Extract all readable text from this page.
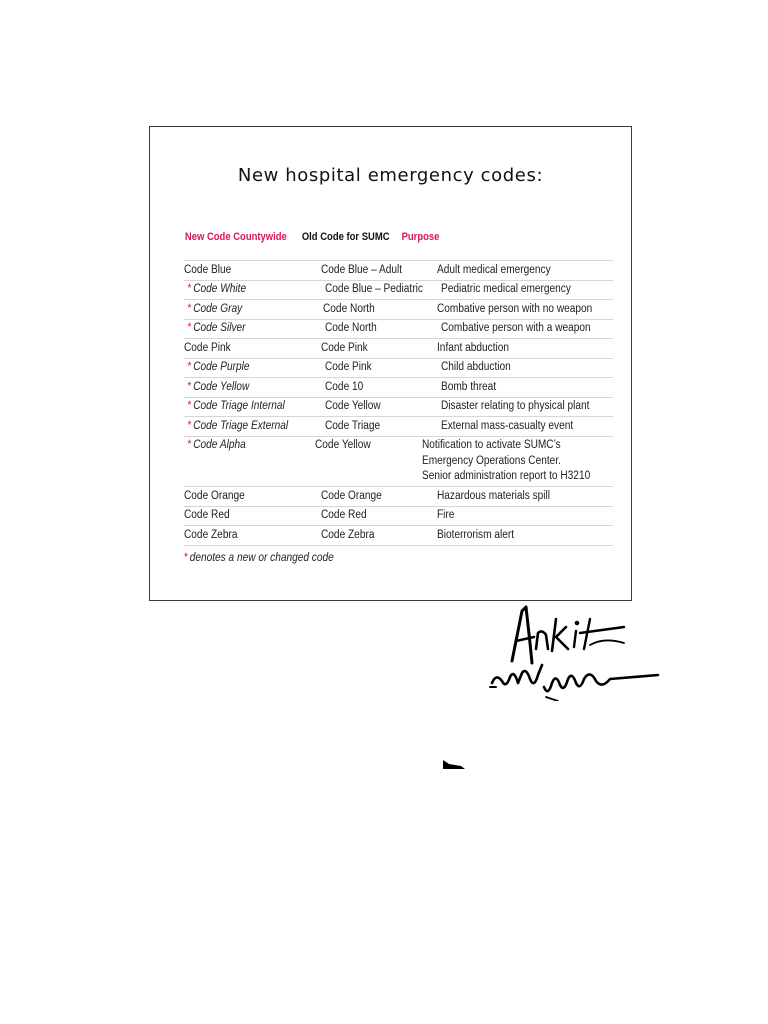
New hospital emergency codes:
New Code Countywide	Old Code for SUMC	Purpose
Code Blue	Code Blue – Adult	Adult medical emergency
* Code White	Code Blue – Pediatric	Pediatric medical emergency
* Code Gray	Code North	Combative person with no weapon
* Code Silver	Code North	Combative person with a weapon
Code Pink	Code Pink	Infant abduction
* Code Purple	Code Pink	Child abduction
* Code Yellow	Code 10	Bomb threat
* Code Triage Internal	Code Yellow	Disaster relating to physical plant
* Code Triage External	Code Triage	External mass-casualty event
* Code Alpha	Code Yellow	Notification to activate SUMC’s
Emergency Operations Center.
Senior administration report to H3210
Code Orange	Code Orange	Hazardous materials spill
Code Red	Code Red	Fire
Code Zebra	Code Zebra	Bioterrorism alert
* denotes a new or changed code
